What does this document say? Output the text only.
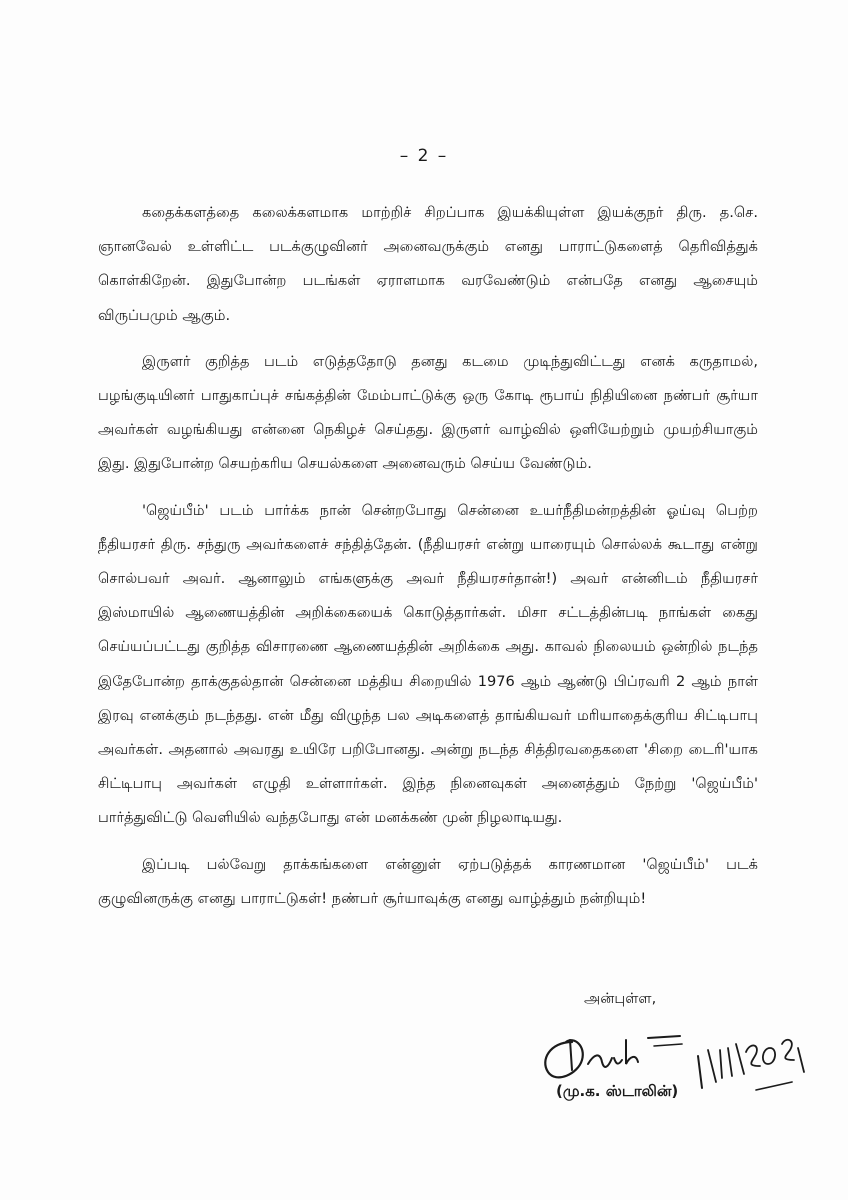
– 2 –

கதைக்களத்தை கலைக்களமாக மாற்றிச் சிறப்பாக இயக்கியுள்ள இயக்குநர் திரு. த.செ. ஞானவேல் உள்ளிட்ட படக்குழுவினர் அனைவருக்கும் எனது பாராட்டுகளைத் தெரிவித்துக் கொள்கிறேன். இதுபோன்ற படங்கள் ஏராளமாக வரவேண்டும் என்பதே எனது ஆசையும் விருப்பமும் ஆகும்.

இருளர் குறித்த படம் எடுத்ததோடு தனது கடமை முடிந்துவிட்டது எனக் கருதாமல், பழங்குடியினர் பாதுகாப்புச் சங்கத்தின் மேம்பாட்டுக்கு ஒரு கோடி ரூபாய் நிதியினை நண்பர் சூர்யா அவர்கள் வழங்கியது என்னை நெகிழச் செய்தது. இருளர் வாழ்வில் ஒளியேற்றும் முயற்சியாகும் இது. இதுபோன்ற செயற்கரிய செயல்களை அனைவரும் செய்ய வேண்டும்.

'ஜெய்பீம்' படம் பார்க்க நான் சென்றபோது சென்னை உயர்நீதிமன்றத்தின் ஓய்வு பெற்ற நீதியரசர் திரு. சந்துரு அவர்களைச் சந்தித்தேன். (நீதியரசர் என்று யாரையும் சொல்லக் கூடாது என்று சொல்பவர் அவர். ஆனாலும் எங்களுக்கு அவர் நீதியரசர்தான்!) அவர் என்னிடம் நீதியரசர் இஸ்மாயில் ஆணையத்தின் அறிக்கையைக் கொடுத்தார்கள். மிசா சட்டத்தின்படி நாங்கள் கைது செய்யப்பட்டது குறித்த விசாரணை ஆணையத்தின் அறிக்கை அது. காவல் நிலையம் ஒன்றில் நடந்த இதேபோன்ற தாக்குதல்தான் சென்னை மத்திய சிறையில் 1976 ஆம் ஆண்டு பிப்ரவரி 2 ஆம் நாள் இரவு எனக்கும் நடந்தது. என் மீது விழுந்த பல அடிகளைத் தாங்கியவர் மரியாதைக்குரிய சிட்டிபாபு அவர்கள். அதனால் அவரது உயிரே பறிபோனது. அன்று நடந்த சித்திரவதைகளை 'சிறை டைரி'யாக சிட்டிபாபு அவர்கள் எழுதி உள்ளார்கள். இந்த நினைவுகள் அனைத்தும் நேற்று 'ஜெய்பீம்' பார்த்துவிட்டு வெளியில் வந்தபோது என் மனக்கண் முன் நிழலாடியது.

இப்படி பல்வேறு தாக்கங்களை என்னுள் ஏற்படுத்தக் காரணமான 'ஜெய்பீம்' படக் குழுவினருக்கு எனது பாராட்டுகள்! நண்பர் சூர்யாவுக்கு எனது வாழ்த்தும் நன்றியும்!

அன்புள்ள,
(மு.க. ஸ்டாலின்)
